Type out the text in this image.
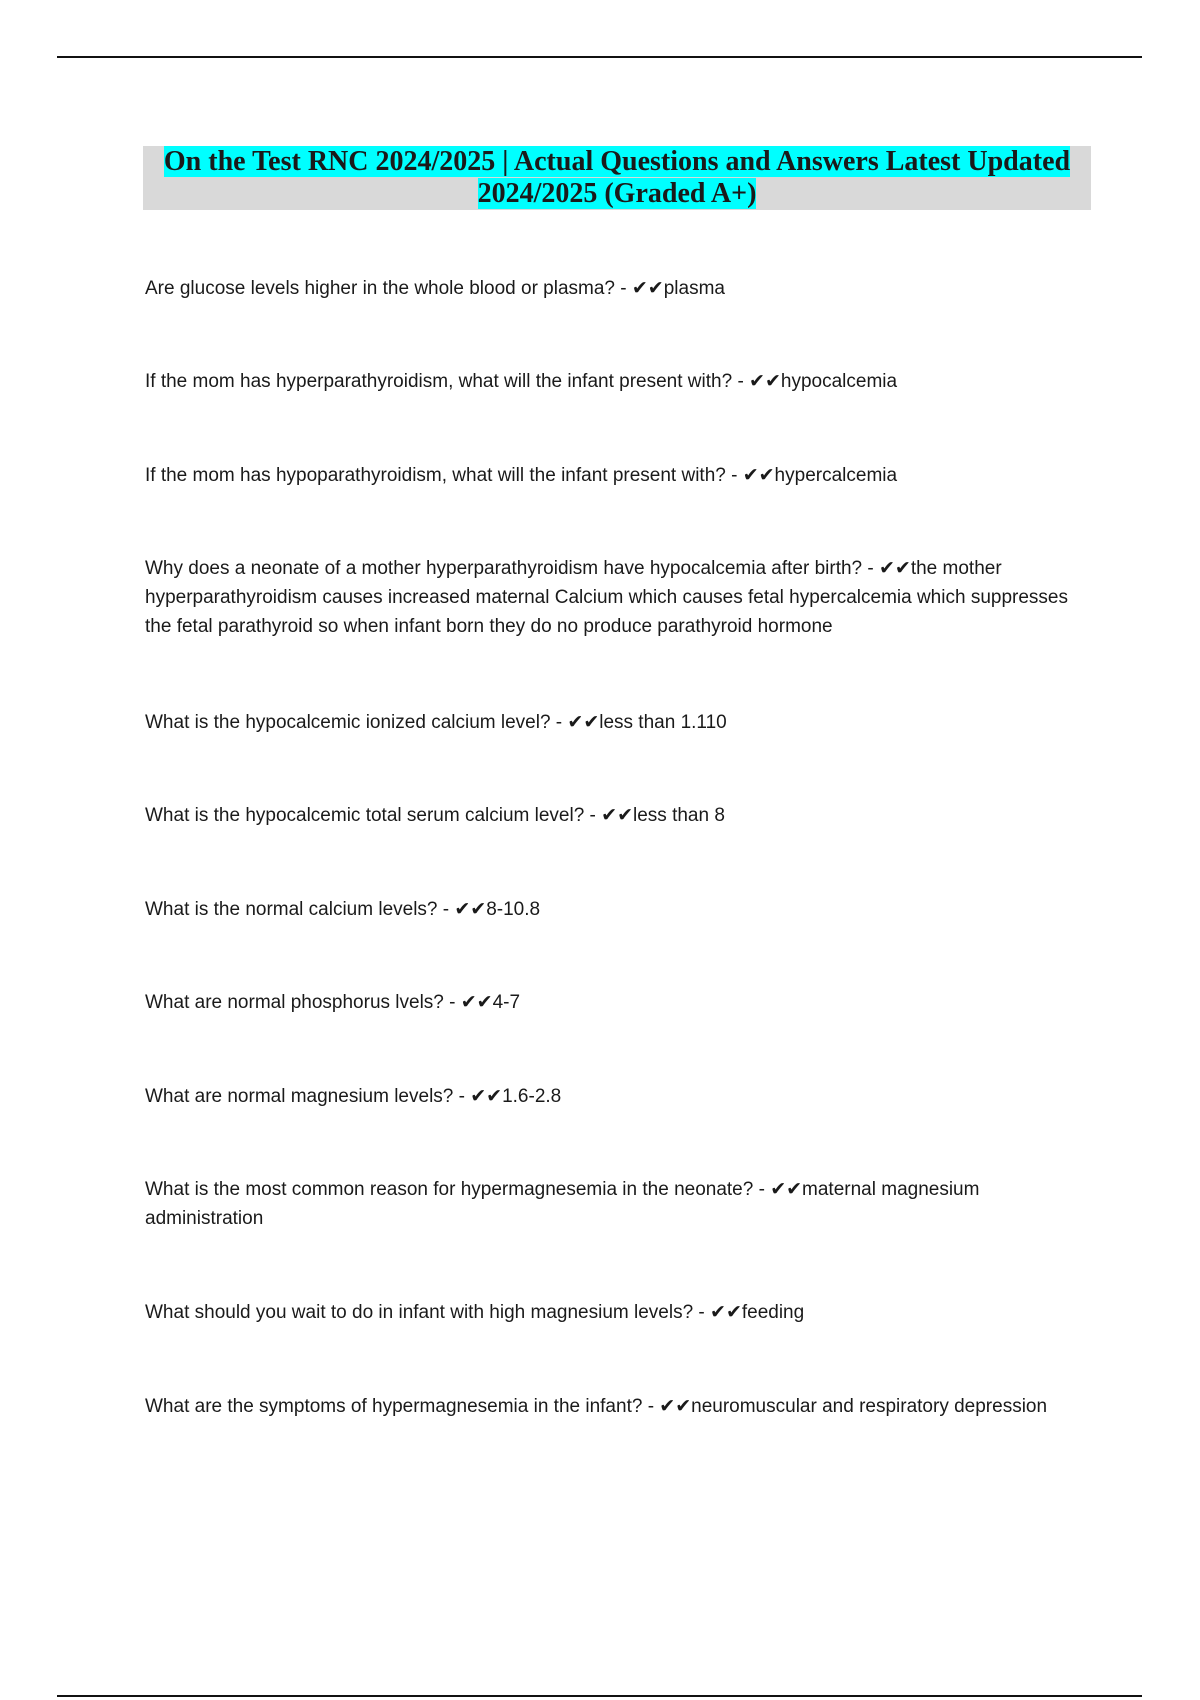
On the Test RNC 2024/2025 | Actual Questions and Answers Latest Updated 2024/2025 (Graded A+)

Are glucose levels higher in the whole blood or plasma? - ✔✔plasma

If the mom has hyperparathyroidism, what will the infant present with? - ✔✔hypocalcemia

If the mom has hypoparathyroidism, what will the infant present with? - ✔✔hypercalcemia

Why does a neonate of a mother hyperparathyroidism have hypocalcemia after birth? - ✔✔the mother hyperparathyroidism causes increased maternal Calcium which causes fetal hypercalcemia which suppresses the fetal parathyroid so when infant born they do no produce parathyroid hormone

What is the hypocalcemic ionized calcium level? - ✔✔less than 1.110

What is the hypocalcemic total serum calcium level? - ✔✔less than 8

What is the normal calcium levels? - ✔✔8-10.8

What are normal phosphorus lvels? - ✔✔4-7

What are normal magnesium levels? - ✔✔1.6-2.8

What is the most common reason for hypermagnesemia in the neonate? - ✔✔maternal magnesium administration

What should you wait to do in infant with high magnesium levels? - ✔✔feeding

What are the symptoms of hypermagnesemia in the infant? - ✔✔neuromuscular and respiratory depression
